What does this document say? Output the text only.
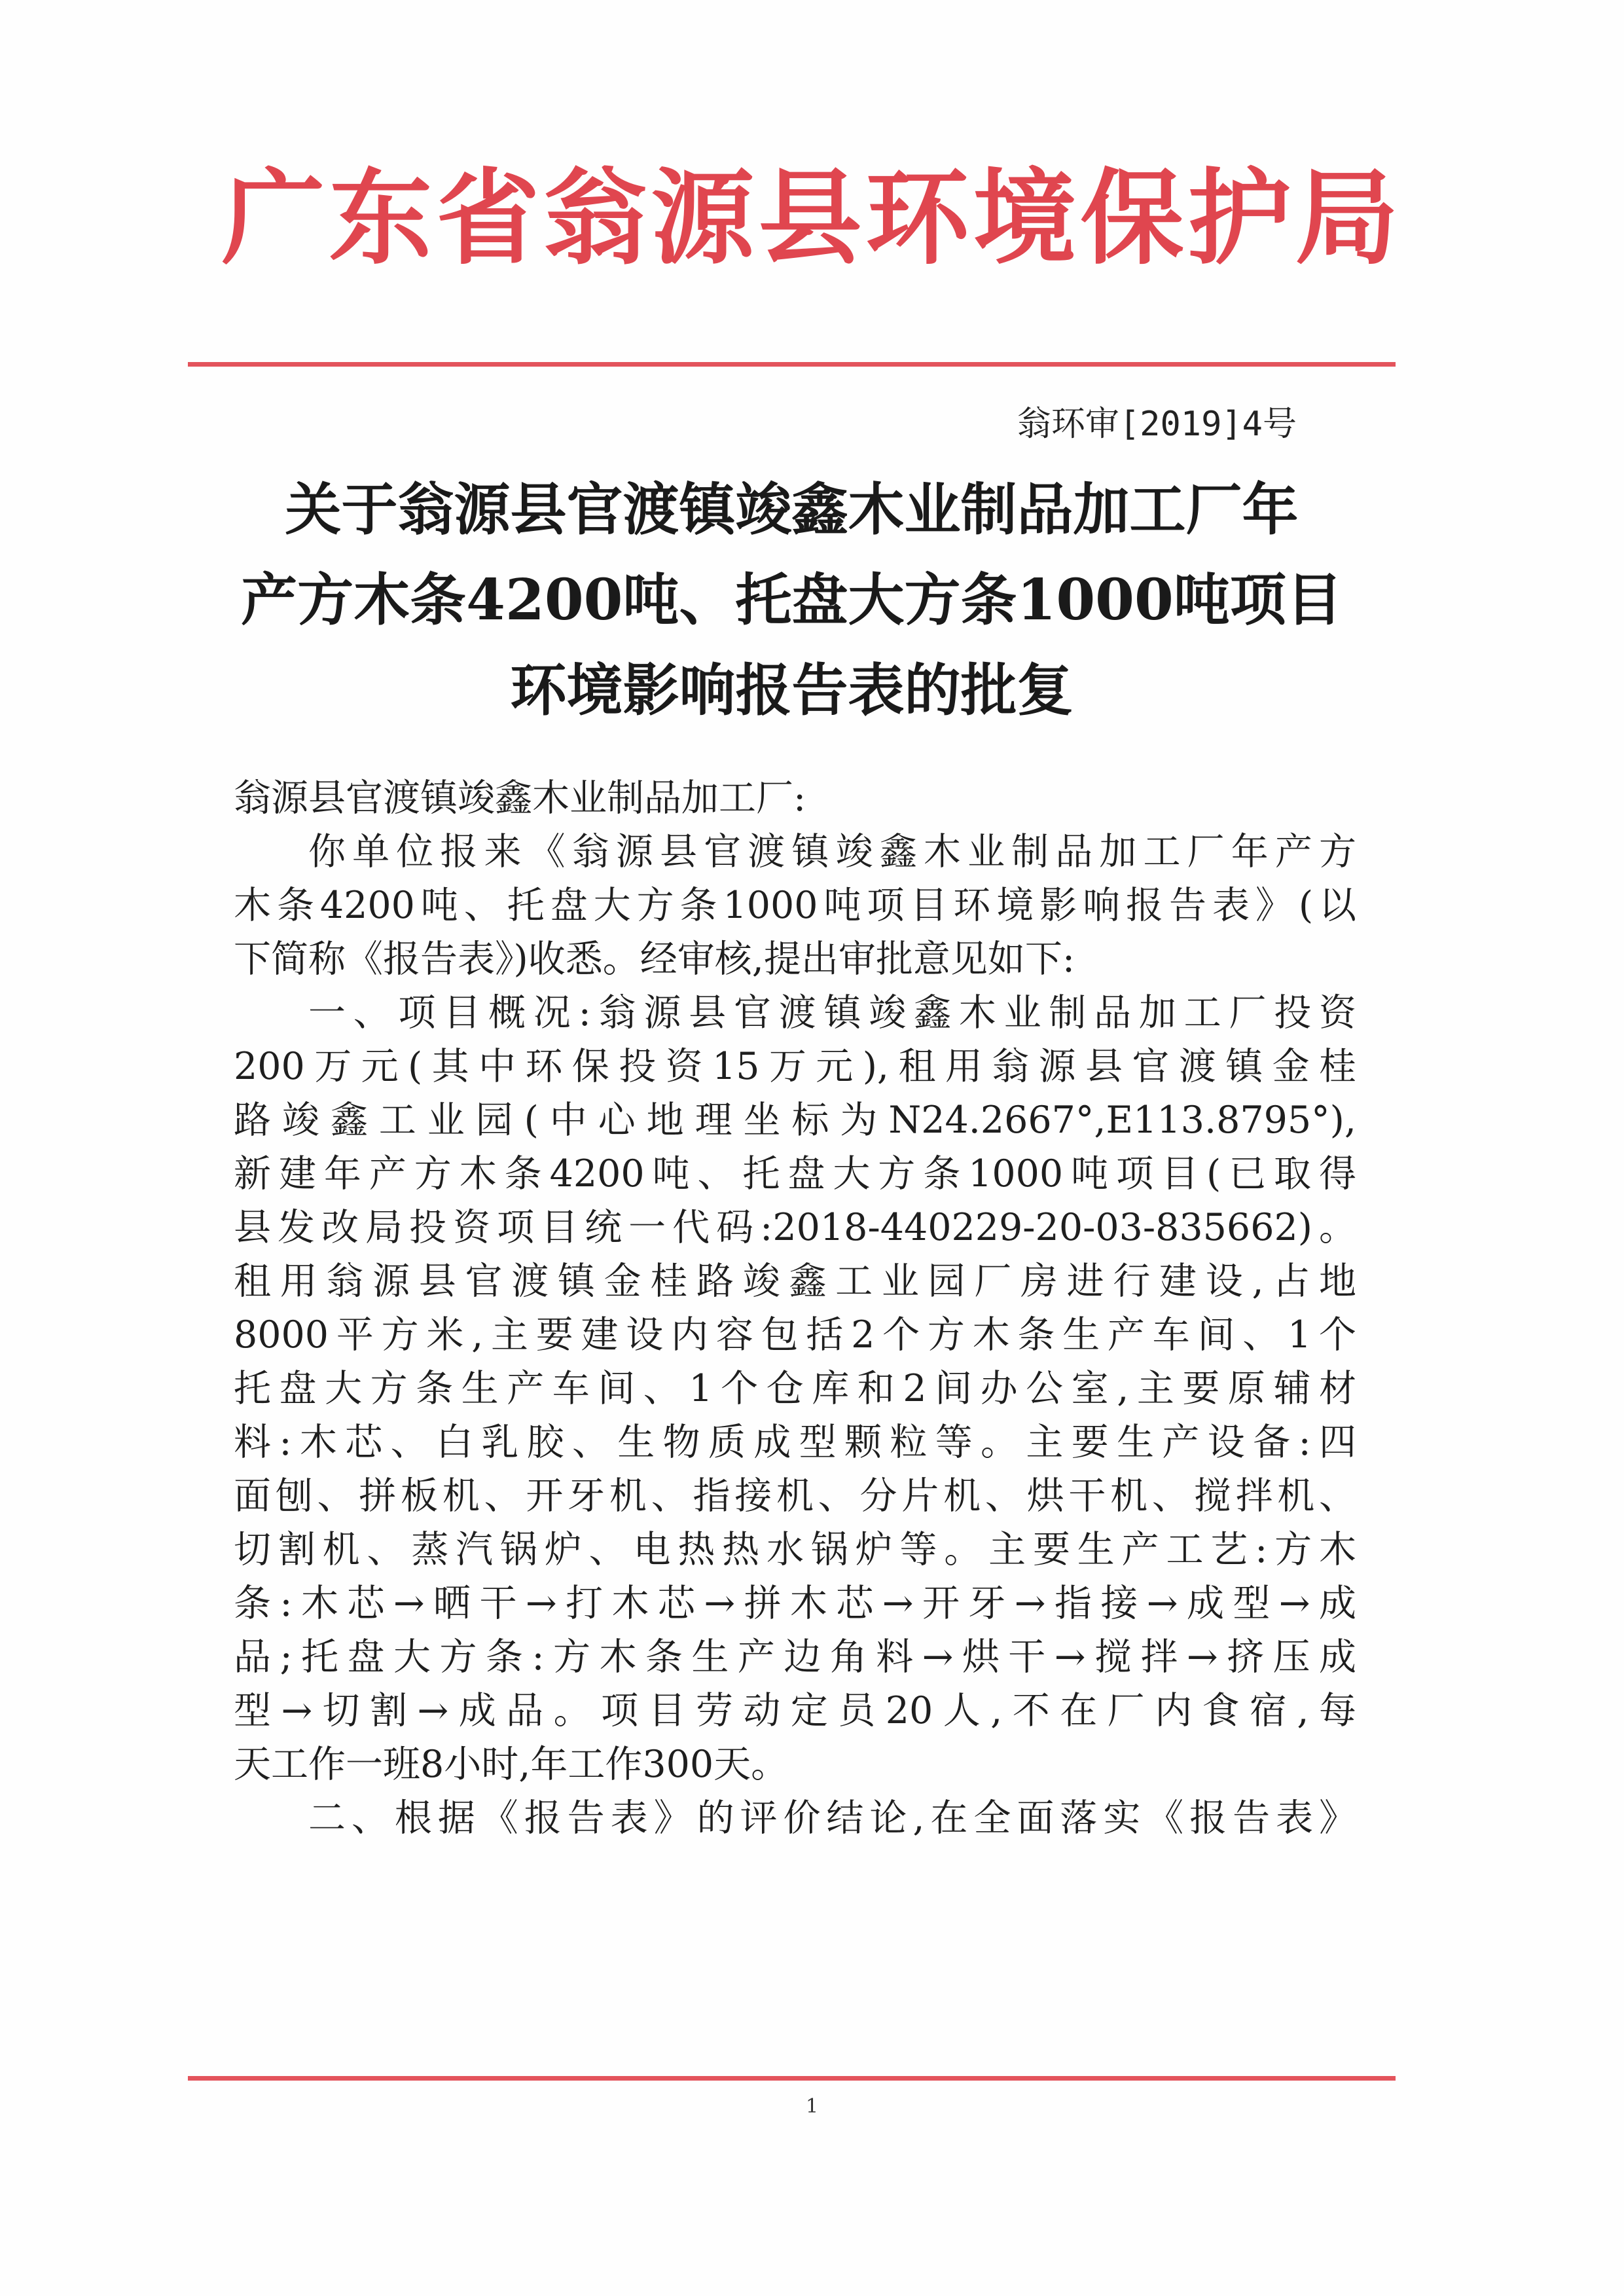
广东省翁源县环境保护局
翁环审[2019]4号
关于翁源县官渡镇竣鑫木业制品加工厂年
产方木条4200吨、托盘大方条1000吨项目
环境影响报告表的批复
翁源县官渡镇竣鑫木业制品加工厂:
你单位报来《翁源县官渡镇竣鑫木业制品加工厂年产方
木条4200吨、托盘大方条1000吨项目环境影响报告表》(以
下简称《报告表》)收悉。经审核,提出审批意见如下:
一、项目概况:翁源县官渡镇竣鑫木业制品加工厂投资
200万元(其中环保投资15万元),租用翁源县官渡镇金桂
路竣鑫工业园(中心地理坐标为N24.2667°,E113.8795°),
新建年产方木条4200吨、托盘大方条1000吨项目(已取得
县发改局投资项目统一代码:2018-440229-20-03-835662)。
租用翁源县官渡镇金桂路竣鑫工业园厂房进行建设,占地
8000平方米,主要建设内容包括2个方木条生产车间、1个
托盘大方条生产车间、1个仓库和2间办公室,主要原辅材
料:木芯、白乳胶、生物质成型颗粒等。主要生产设备:四
面刨、拼板机、开牙机、指接机、分片机、烘干机、搅拌机、
切割机、蒸汽锅炉、电热热水锅炉等。主要生产工艺:方木
条:木芯→晒干→打木芯→拼木芯→开牙→指接→成型→成
品;托盘大方条:方木条生产边角料→烘干→搅拌→挤压成
型→切割→成品。项目劳动定员20人,不在厂内食宿,每
天工作一班8小时,年工作300天。
二、根据《报告表》的评价结论,在全面落实《报告表》
1
